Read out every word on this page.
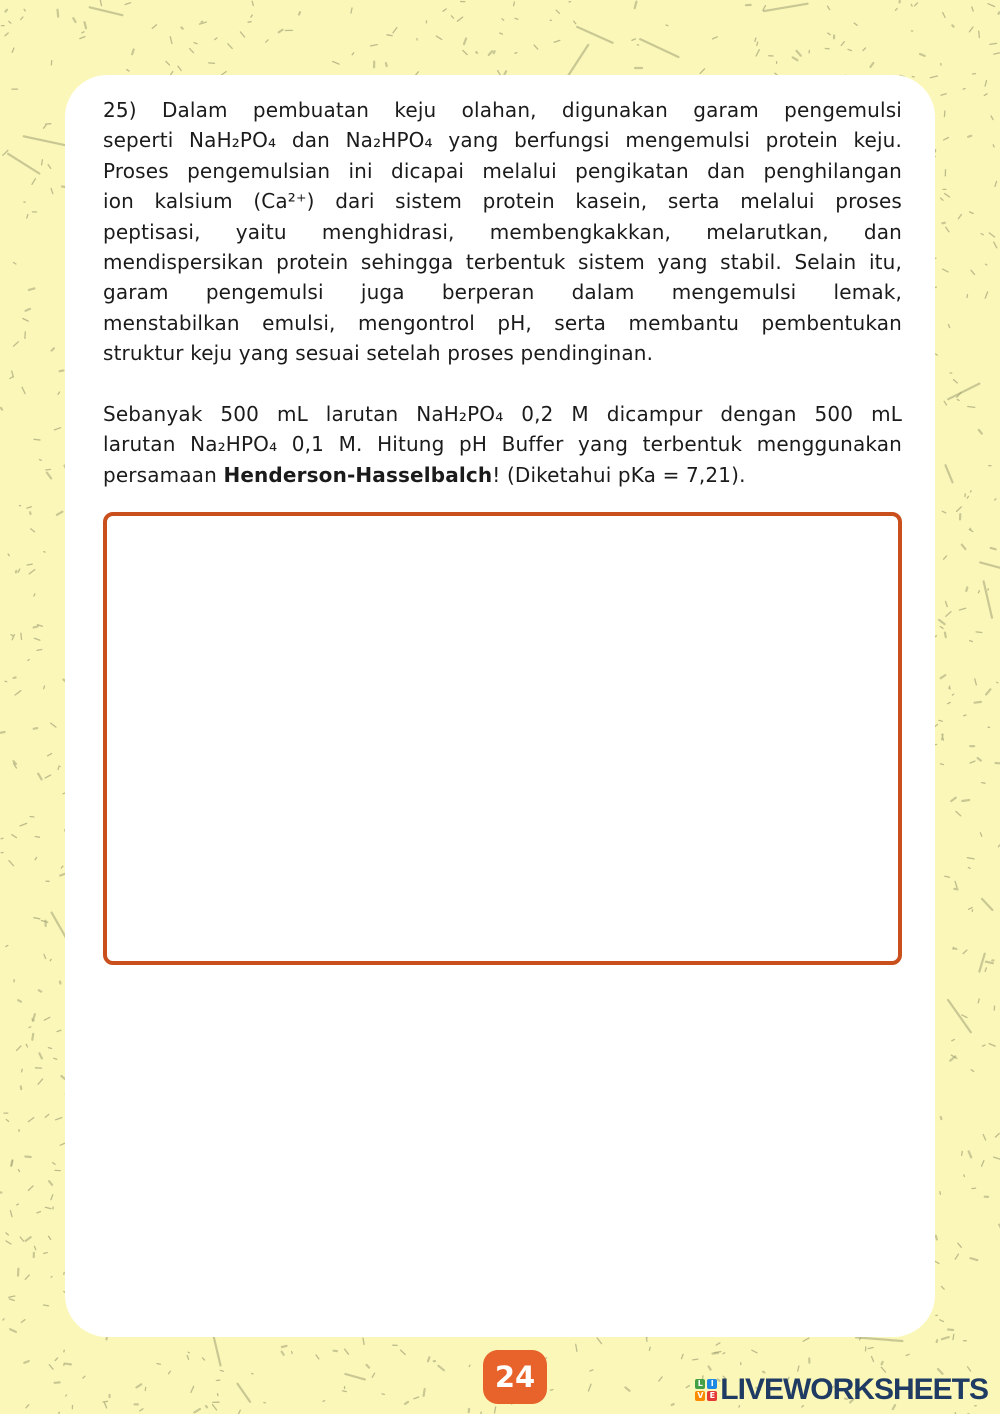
25) Dalam pembuatan keju olahan, digunakan garam pengemulsi
seperti NaH₂PO₄ dan Na₂HPO₄ yang berfungsi mengemulsi protein keju.
Proses pengemulsian ini dicapai melalui pengikatan dan penghilangan
ion kalsium (Ca²⁺) dari sistem protein kasein, serta melalui proses
peptisasi, yaitu menghidrasi, membengkakkan, melarutkan, dan
mendispersikan protein sehingga terbentuk sistem yang stabil. Selain itu,
garam pengemulsi juga berperan dalam mengemulsi lemak,
menstabilkan emulsi, mengontrol pH, serta membantu pembentukan
struktur keju yang sesuai setelah proses pendinginan.
Sebanyak 500 mL larutan NaH₂PO₄ 0,2 M dicampur dengan 500 mL
larutan Na₂HPO₄ 0,1 M. Hitung pH Buffer yang terbentuk menggunakan
persamaan Henderson-Hasselbalch! (Diketahui pKa = 7,21).
24	L I
V E LIVEWORKSHEETS
